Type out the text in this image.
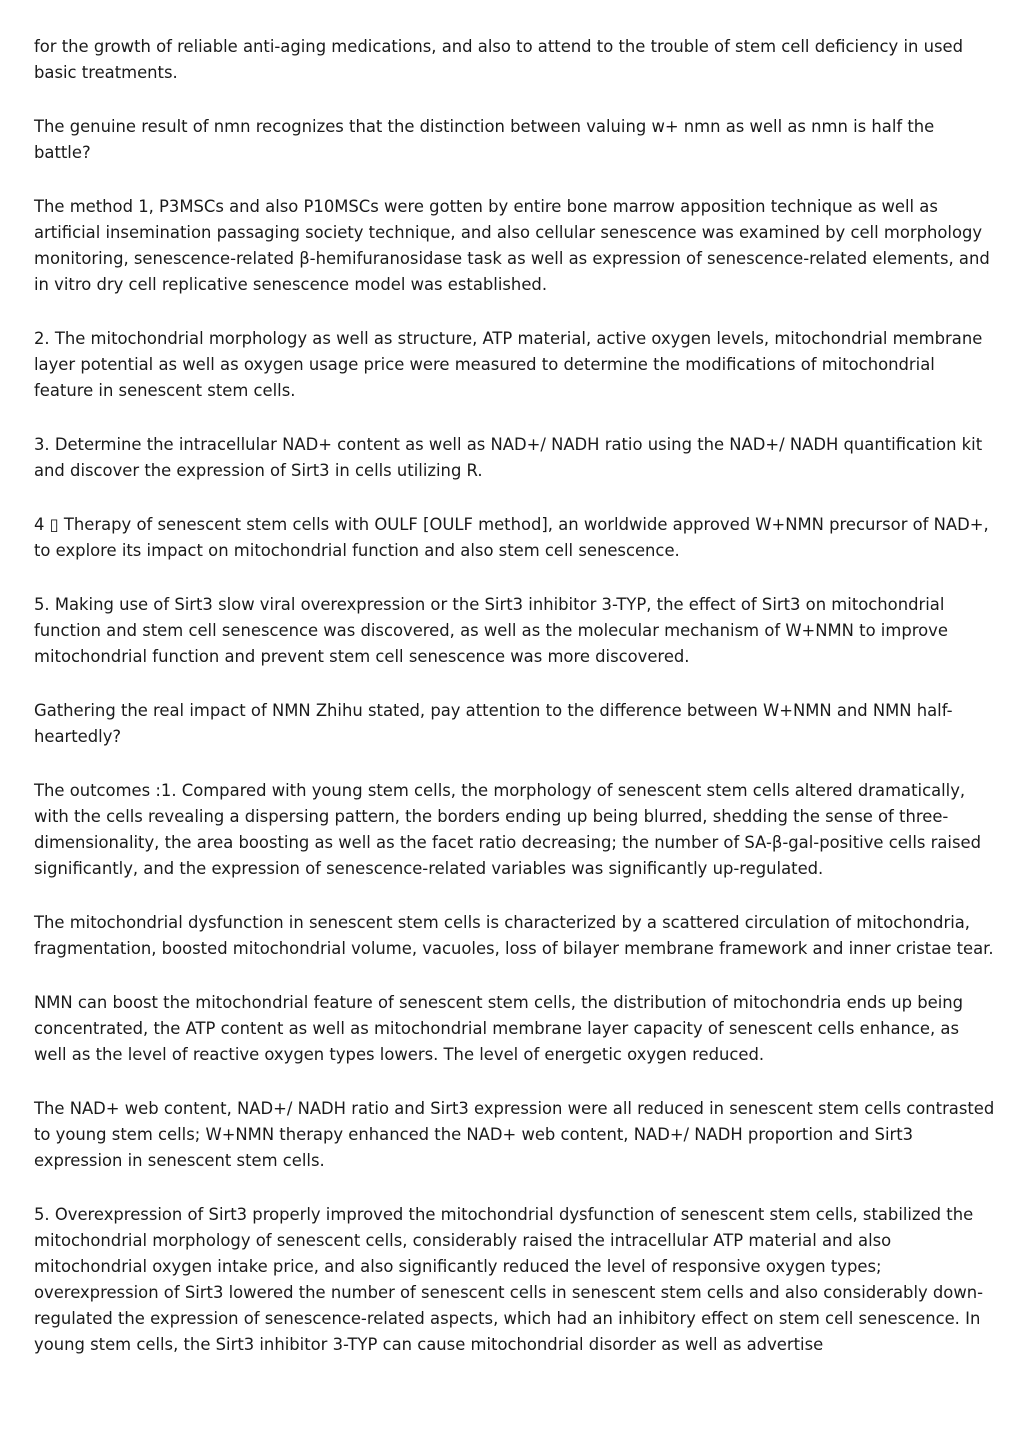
for the growth of reliable anti-aging medications, and also to attend to the trouble of stem cell deficiency in used basic treatments.

The genuine result of nmn recognizes that the distinction between valuing w+ nmn as well as nmn is half the battle?

The method 1, P3MSCs and also P10MSCs were gotten by entire bone marrow apposition technique as well as artificial insemination passaging society technique, and also cellular senescence was examined by cell morphology monitoring, senescence-related β-hemifuranosidase task as well as expression of senescence-related elements, and in vitro dry cell replicative senescence model was established.

2. The mitochondrial morphology as well as structure, ATP material, active oxygen levels, mitochondrial membrane layer potential as well as oxygen usage price were measured to determine the modifications of mitochondrial feature in senescent stem cells.

3. Determine the intracellular NAD+ content as well as NAD+/ NADH ratio using the NAD+/ NADH quantification kit and discover the expression of Sirt3 in cells utilizing R.

4 ▯ Therapy of senescent stem cells with OULF [OULF method], an worldwide approved W+NMN precursor of NAD+, to explore its impact on mitochondrial function and also stem cell senescence.

5. Making use of Sirt3 slow viral overexpression or the Sirt3 inhibitor 3-TYP, the effect of Sirt3 on mitochondrial function and stem cell senescence was discovered, as well as the molecular mechanism of W+NMN to improve mitochondrial function and prevent stem cell senescence was more discovered.

Gathering the real impact of NMN Zhihu stated, pay attention to the difference between W+NMN and NMN half-heartedly?

The outcomes :1. Compared with young stem cells, the morphology of senescent stem cells altered dramatically, with the cells revealing a dispersing pattern, the borders ending up being blurred, shedding the sense of three-dimensionality, the area boosting as well as the facet ratio decreasing; the number of SA-β-gal-positive cells raised significantly, and the expression of senescence-related variables was significantly up-regulated.

The mitochondrial dysfunction in senescent stem cells is characterized by a scattered circulation of mitochondria, fragmentation, boosted mitochondrial volume, vacuoles, loss of bilayer membrane framework and inner cristae tear.

NMN can boost the mitochondrial feature of senescent stem cells, the distribution of mitochondria ends up being concentrated, the ATP content as well as mitochondrial membrane layer capacity of senescent cells enhance, as well as the level of reactive oxygen types lowers. The level of energetic oxygen reduced.

The NAD+ web content, NAD+/ NADH ratio and Sirt3 expression were all reduced in senescent stem cells contrasted to young stem cells; W+NMN therapy enhanced the NAD+ web content, NAD+/ NADH proportion and Sirt3 expression in senescent stem cells.

5. Overexpression of Sirt3 properly improved the mitochondrial dysfunction of senescent stem cells, stabilized the mitochondrial morphology of senescent cells, considerably raised the intracellular ATP material and also mitochondrial oxygen intake price, and also significantly reduced the level of responsive oxygen types; overexpression of Sirt3 lowered the number of senescent cells in senescent stem cells and also considerably down-regulated the expression of senescence-related aspects, which had an inhibitory effect on stem cell senescence. In young stem cells, the Sirt3 inhibitor 3-TYP can cause mitochondrial disorder as well as advertise
